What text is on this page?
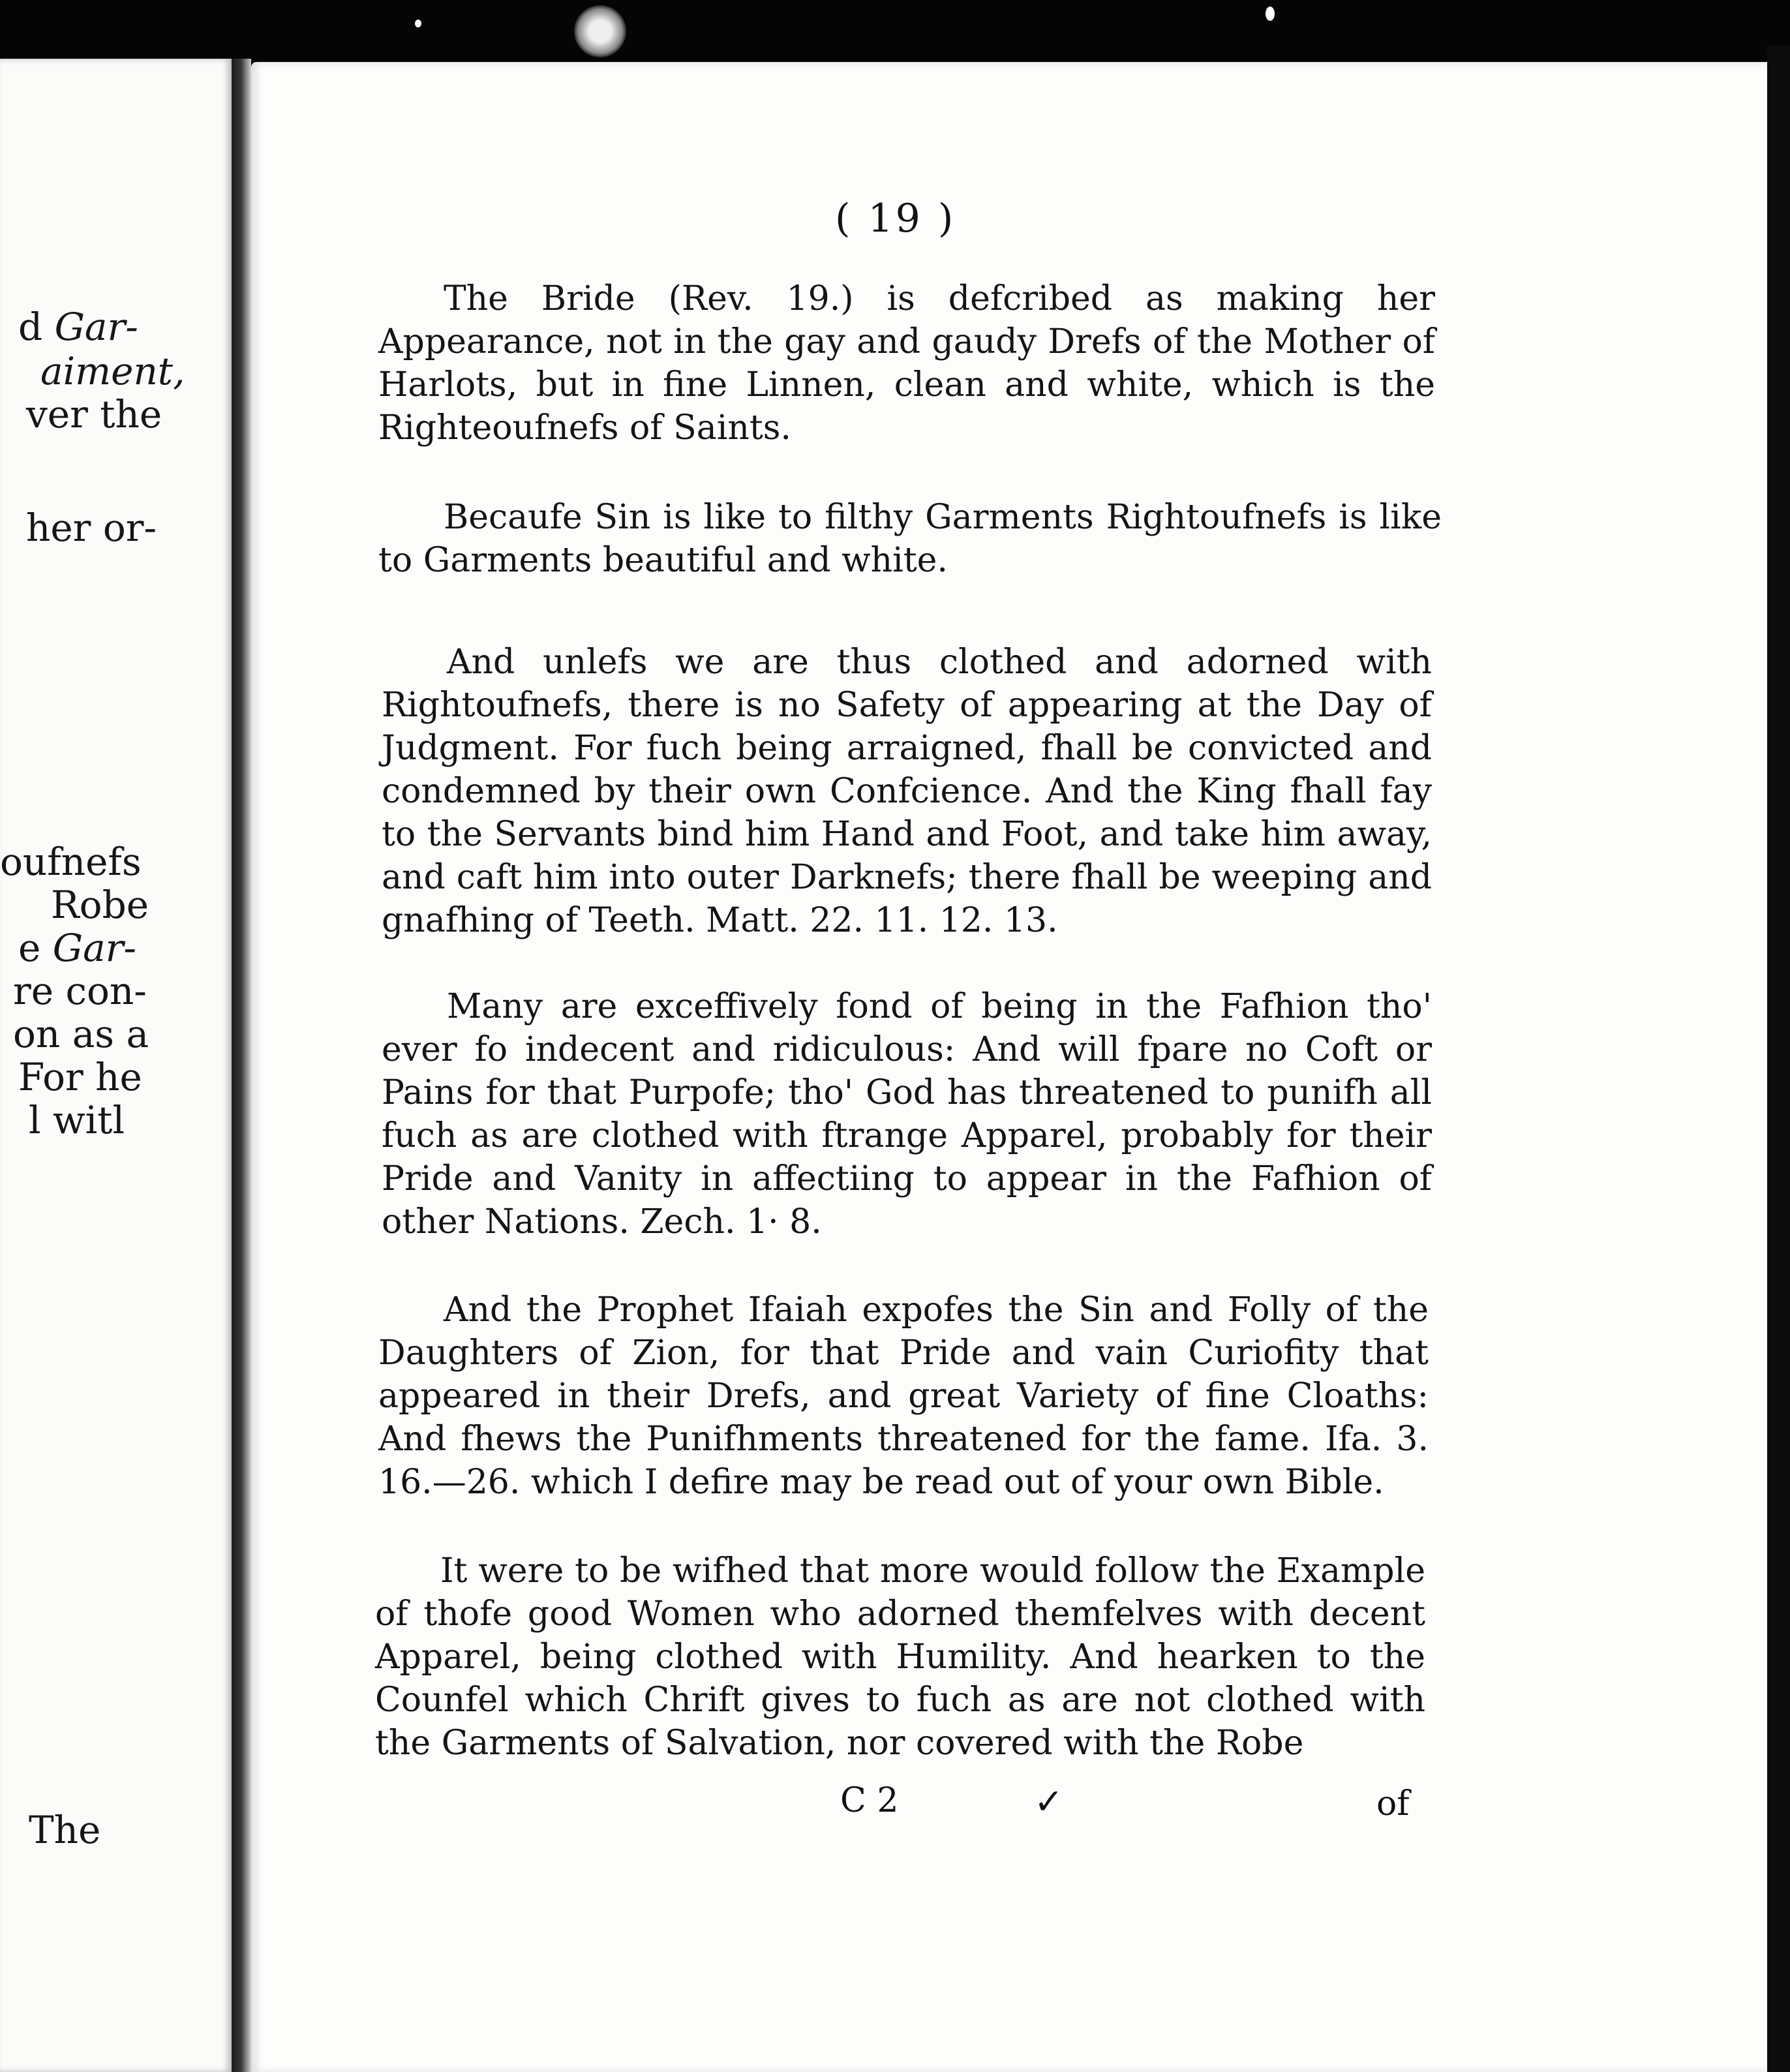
d Gar-
aiment,
ver the
her or-
oufnefs
Robe
e Gar-
re con-
on as a
For he
l witl
The
( 19 )

The Bride (Rev. 19.) is defcribed as making her Appearance, not in the gay and gaudy Drefs of the Mother of Harlots, but in fine Linnen, clean and white, which is the Righteoufnefs of Saints.

Becaufe Sin is like to filthy Garments Rightoufnefs is like to Garments beautiful and white.

And unlefs we are thus clothed and adorned with Rightoufnefs, there is no Safety of appearing at the Day of Judgment. For fuch being arraigned, fhall be convicted and condemned by their own Confcience. And the King fhall fay to the Servants bind him Hand and Foot, and take him away, and caft him into outer Darknefs; there fhall be weeping and gnafhing of Teeth. Matt. 22. 11. 12. 13.

Many are exceffively fond of being in the Fafhion tho' ever fo indecent and ridiculous: And will fpare no Coft or Pains for that Purpofe; tho' God has threatened to punifh all fuch as are clothed with ftrange Apparel, probably for their Pride and Vanity in affectiing to appear in the Fafhion of other Nations. Zech. 1· 8.

And the Prophet Ifaiah expofes the Sin and Folly of the Daughters of Zion, for that Pride and vain Curiofity that appeared in their Drefs, and great Variety of fine Cloaths: And fhews the Punifhments threatened for the fame. Ifa. 3. 16.—26. which I defire may be read out of your own Bible.

It were to be wifhed that more would follow the Example of thofe good Women who adorned themfelves with decent Apparel, being clothed with Humility. And hearken to the Counfel which Chrift gives to fuch as are not clothed with the Garments of Salvation, nor covered with the Robe

C 2	✓	of
